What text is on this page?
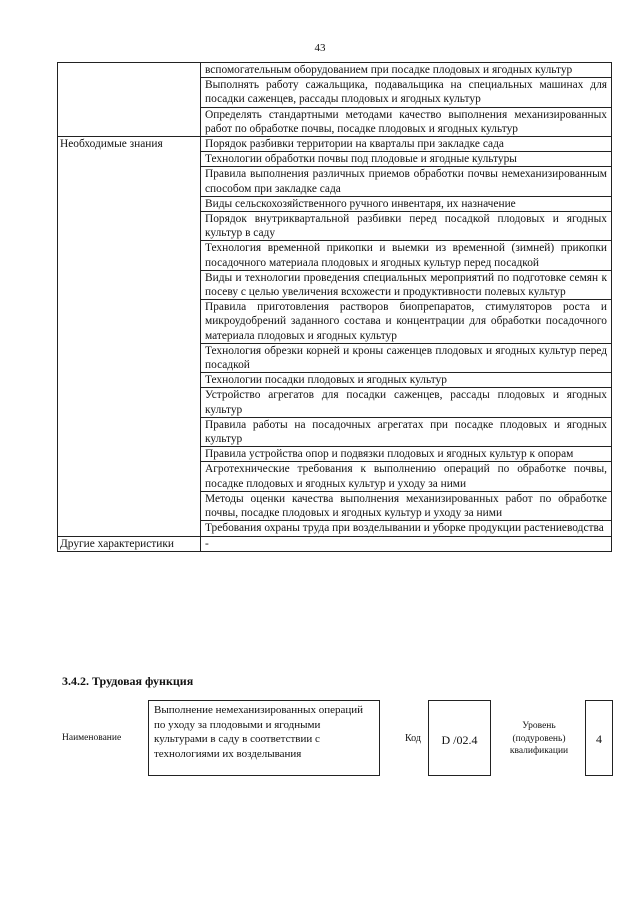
43
	вспомогательным оборудованием при посадке плодовых и ягодных культур
	Выполнять работу сажальщика, подавальщика на специальных машинах для посадки саженцев, рассады плодовых и ягодных культур
	Определять стандартными методами качество выполнения механизированных работ по обработке почвы, посадке плодовых и ягодных культур
Необходимые знания	Порядок разбивки территории на кварталы при закладке сада
	Технологии обработки почвы под плодовые и ягодные культуры
	Правила выполнения различных приемов обработки почвы немеханизированным способом при закладке сада
	Виды сельскохозяйственного ручного инвентаря, их назначение
	Порядок внутриквартальной разбивки перед посадкой плодовых и ягодных культур в саду
	Технология временной прикопки и выемки из временной (зимней) прикопки посадочного материала плодовых и ягодных культур перед посадкой
	Виды и технологии проведения специальных мероприятий по подготовке семян к посеву с целью увеличения всхожести и продуктивности полевых культур
	Правила приготовления растворов биопрепаратов, стимуляторов роста и микроудобрений заданного состава и концентрации для обработки посадочного материала плодовых и ягодных культур
	Технология обрезки корней и кроны саженцев плодовых и ягодных культур перед посадкой
	Технологии посадки плодовых и ягодных культур
	Устройство агрегатов для посадки саженцев, рассады плодовых и ягодных культур
	Правила работы на посадочных агрегатах при посадке плодовых и ягодных культур
	Правила устройства опор и подвязки плодовых и ягодных культур к опорам
	Агротехнические требования к выполнению операций по обработке почвы, посадке плодовых и ягодных культур и уходу за ними
	Методы оценки качества выполнения механизированных работ по обработке почвы, посадке плодовых и ягодных культур и уходу за ними
	Требования охраны труда при возделывании и уборке продукции растениеводства
Другие характеристики	-
3.4.2. Трудовая функция
Наименование
Выполнение немеханизированных операций по уходу за плодовыми и ягодными культурами в саду в соответствии с технологиями их возделывания
Код	D /02.4
Уровень (подуровень) квалификации
4
